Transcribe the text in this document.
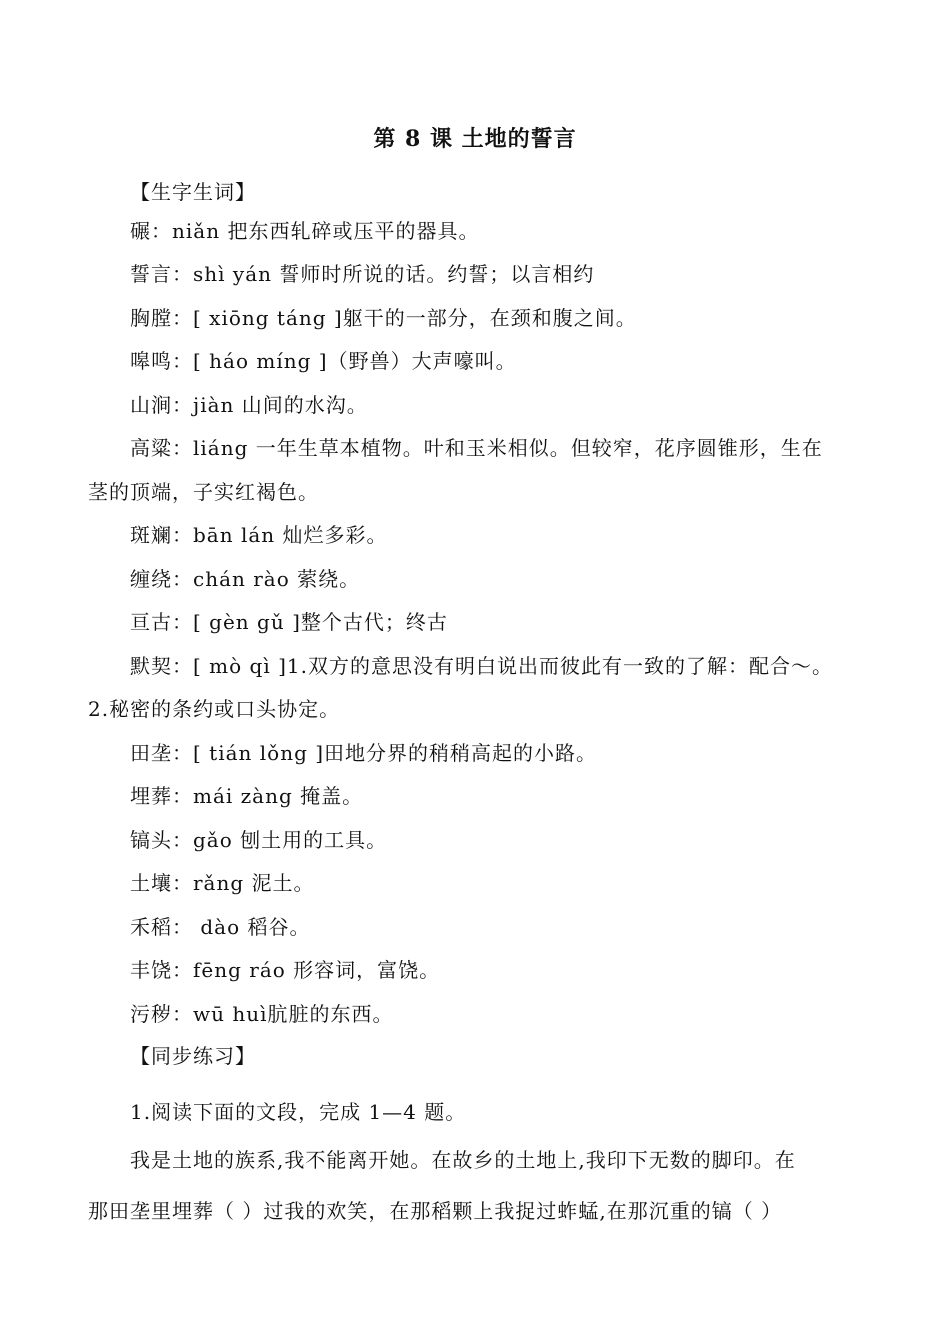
第 8 课 土地的誓言
【生字生词】
碾：niǎn 把东西轧碎或压平的器具。
誓言：shì yán 誓师时所说的话。约誓；以言相约
胸膛：[ xiōng táng ]躯干的一部分，在颈和腹之间。
嗥鸣：[ háo míng ]（野兽）大声嚎叫。
山涧：jiàn 山间的水沟。
高粱：liáng 一年生草本植物。叶和玉米相似。但较窄，花序圆锥形，生在
茎的顶端，子实红褐色。
斑斓：bān lán 灿烂多彩。
缠绕：chán rào 萦绕。
亘古：[ gèn gǔ ]整个古代；终古
默契：[ mò qì ]1.双方的意思没有明白说出而彼此有一致的了解：配合～。
2.秘密的条约或口头协定。
田垄：[ tián lǒng ]田地分界的稍稍高起的小路。
埋葬：mái zàng 掩盖。
镐头：gǎo 刨土用的工具。
土壤：rǎng 泥土。
禾稻： dào 稻谷。
丰饶：fēng ráo 形容词，富饶。
污秽：wū huì肮脏的东西。
【同步练习】
1.阅读下面的文段，完成 1—4 题。
我是土地的族系,我不能离开她。在故乡的土地上,我印下无数的脚印。在
那田垄里埋葬（ ）过我的欢笑，在那稻颗上我捉过蚱蜢,在那沉重的镐（ ）
